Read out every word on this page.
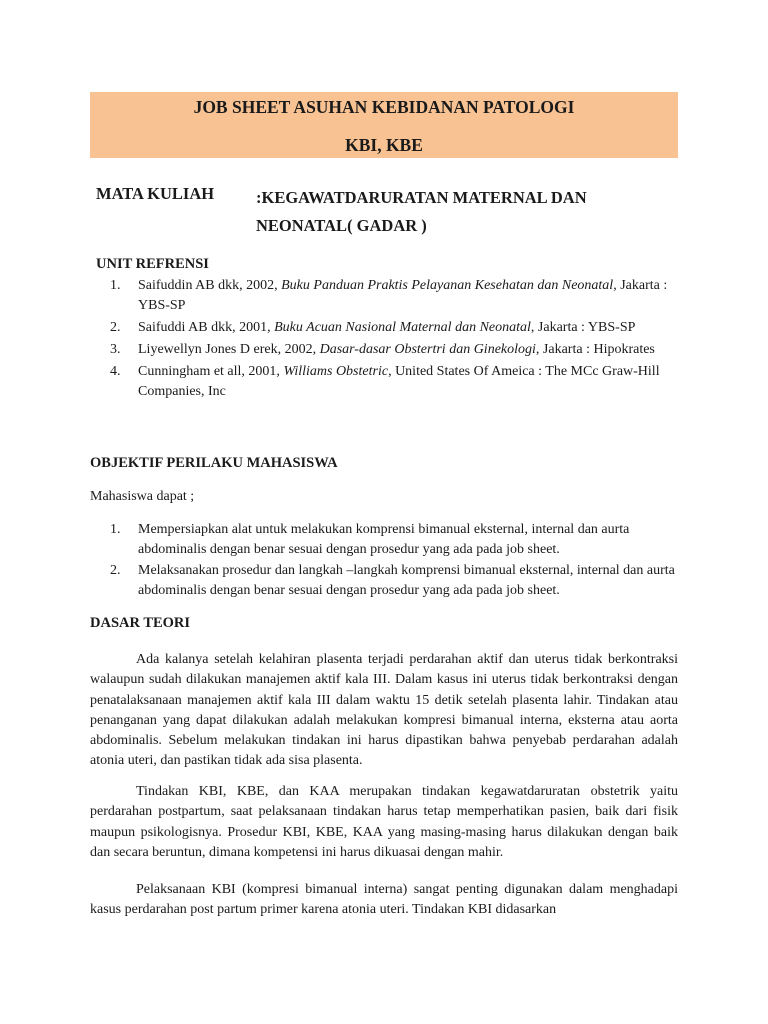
JOB SHEET ASUHAN KEBIDANAN PATOLOGI
KBI, KBE
MATA KULIAH	:KEGAWATDARURATAN MATERNAL DAN NEONATAL( GADAR )
UNIT REFRENSI
1. Saifuddin AB dkk, 2002, Buku Panduan Praktis Pelayanan Kesehatan dan Neonatal, Jakarta : YBS-SP
2. Saifuddi AB dkk, 2001, Buku Acuan Nasional Maternal dan Neonatal, Jakarta : YBS-SP
3. Liyewellyn Jones D erek, 2002, Dasar-dasar Obstertri dan Ginekologi, Jakarta : Hipokrates
4. Cunningham et all, 2001, Williams Obstetric, United States Of Ameica : The MCc Graw-Hill Companies, Inc
OBJEKTIF PERILAKU MAHASISWA
Mahasiswa dapat ;
1. Mempersiapkan alat untuk melakukan komprensi bimanual eksternal, internal dan aurta abdominalis dengan benar sesuai dengan prosedur yang ada pada job sheet.
2. Melaksanakan prosedur dan langkah –langkah komprensi bimanual eksternal, internal dan aurta abdominalis dengan benar sesuai dengan prosedur yang ada pada job sheet.
DASAR TEORI

Ada kalanya setelah kelahiran plasenta terjadi perdarahan aktif dan uterus tidak berkontraksi walaupun sudah dilakukan manajemen aktif kala III. Dalam kasus ini uterus tidak berkontraksi dengan penatalaksanaan manajemen aktif kala III dalam waktu 15 detik setelah plasenta lahir. Tindakan atau penanganan yang dapat dilakukan adalah melakukan kompresi bimanual interna, eksterna atau aorta abdominalis. Sebelum melakukan tindakan ini harus dipastikan bahwa penyebab perdarahan adalah atonia uteri, dan pastikan tidak ada sisa plasenta.

Tindakan KBI, KBE, dan KAA merupakan tindakan kegawatdaruratan obstetrik yaitu perdarahan postpartum, saat pelaksanaan tindakan harus tetap memperhatikan pasien, baik dari fisik maupun psikologisnya. Prosedur KBI, KBE, KAA yang masing-masing harus dilakukan dengan baik dan secara beruntun, dimana kompetensi ini harus dikuasai dengan mahir.

Pelaksanaan KBI (kompresi bimanual interna) sangat penting digunakan dalam menghadapi kasus perdarahan post partum primer karena atonia uteri. Tindakan KBI didasarkan
